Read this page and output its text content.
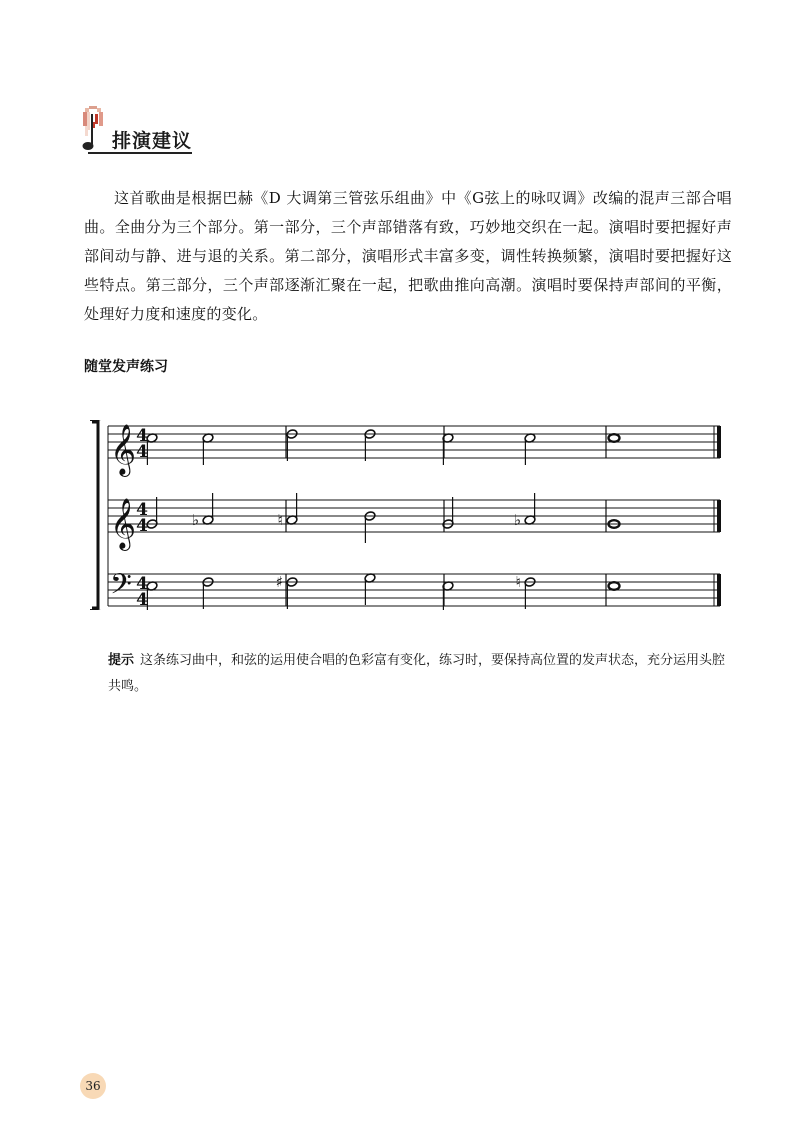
排演建议

这首歌曲是根据巴赫《D 大调第三管弦乐组曲》中《G弦上的咏叹调》改编的混声三部合唱曲。全曲分为三个部分。第一部分，三个声部错落有致，巧妙地交织在一起。演唱时要把握好声部间动与静、进与退的关系。第二部分，演唱形式丰富多变，调性转换频繁，演唱时要把握好这些特点。第三部分，三个声部逐渐汇聚在一起，把歌曲推向高潮。演唱时要保持声部间的平衡，处理好力度和速度的变化。

随堂发声练习
𝄞 4
4
𝄞 4
4	♭	♮	♭
𝄢 4
4
♯	♮

提示 这条练习曲中，和弦的运用使合唱的色彩富有变化，练习时，要保持高位置的发声状态，充分运用头腔共鸣。

36
